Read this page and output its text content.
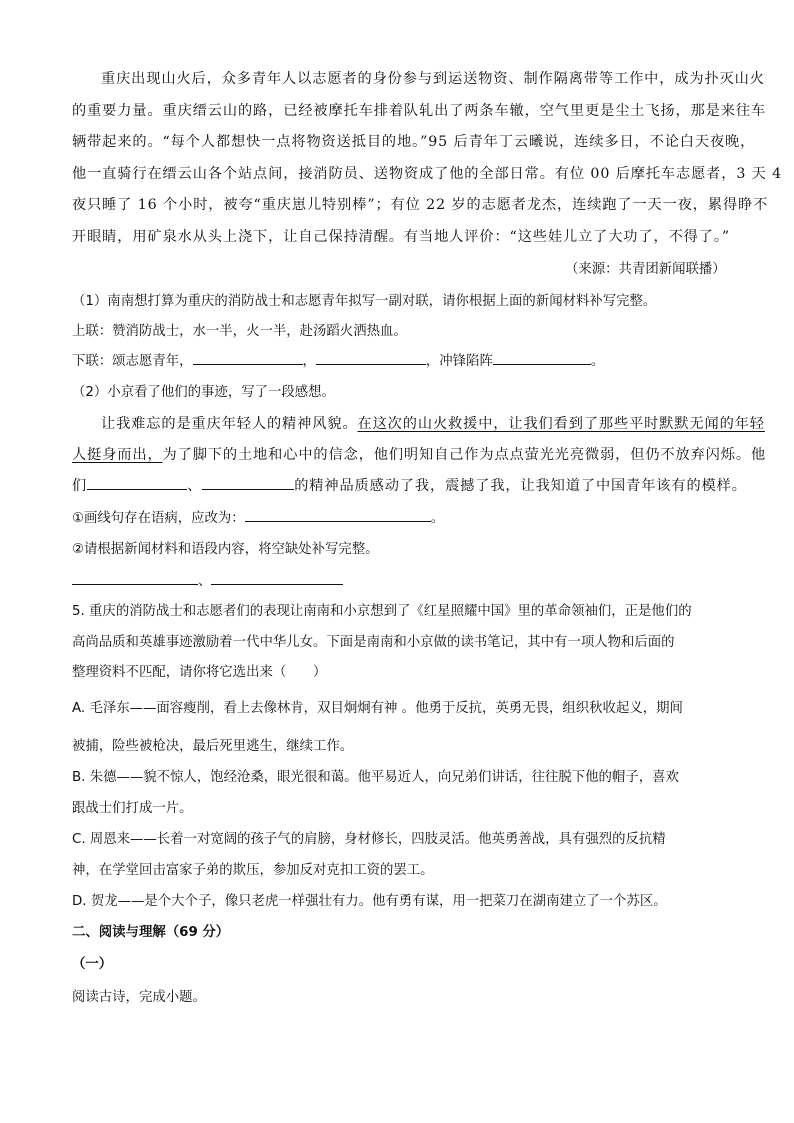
重庆出现山火后，众多青年人以志愿者的身份参与到运送物资、制作隔离带等工作中，成为扑灭山火
的重要力量。重庆缙云山的路，已经被摩托车排着队轧出了两条车辙，空气里更是尘土飞扬，那是来往车
辆带起来的。“每个人都想快一点将物资送抵目的地。”95 后青年丁云曦说，连续多日，不论白天夜晚，
他一直骑行在缙云山各个站点间，接消防员、送物资成了他的全部日常。有位 00 后摩托车志愿者，3 天 4
夜只睡了 16 个小时，被夸“重庆崽儿特别棒”；有位 22 岁的志愿者龙杰，连续跑了一天一夜，累得睁不
开眼睛，用矿泉水从头上浇下，让自己保持清醒。有当地人评价：“这些娃儿立了大功了，不得了。”
（来源：共青团新闻联播）
（1）南南想打算为重庆的消防战士和志愿青年拟写一副对联，请你根据上面的新闻材料补写完整。
上联：赞消防战士，水一半，火一半，赴汤蹈火洒热血。
下联：颂志愿青年，	，	，冲锋陷阵	。
（2）小京看了他们的事迹，写了一段感想。
让我难忘的是重庆年轻人的精神风貌。在这次的山火救援中，让我们看到了那些平时默默无闻的年轻
人挺身而出，为了脚下的土地和心中的信念，他们明知自己作为点点萤光光亮微弱，但仍不放弃闪烁。他
们	、	的精神品质感动了我，震撼了我，让我知道了中国青年该有的模样。
①画线句存在语病，应改为：	。
②请根据新闻材料和语段内容，将空缺处补写完整。
、
5. 重庆的消防战士和志愿者们的表现让南南和小京想到了《红星照耀中国》里的革命领袖们，正是他们的
高尚品质和英雄事迹激励着一代中华儿女。下面是南南和小京做的读书笔记，其中有一项人物和后面的
整理资料不匹配，请你将它选出来（　　）
A. 毛泽东——面容瘦削，看上去像林肯，双目炯炯有神 。他勇于反抗，英勇无畏，组织秋收起义，期间
被捕，险些被枪决，最后死里逃生，继续工作。
B. 朱德——貌不惊人，饱经沧桑，眼光很和蔼。他平易近人，向兄弟们讲话，往往脱下他的帽子，喜欢
跟战士们打成一片。
C. 周恩来——长着一对宽阔的孩子气的肩膀，身材修长，四肢灵活。他英勇善战，具有强烈的反抗精
神，在学堂回击富家子弟的欺压，参加反对克扣工资的罢工。
D. 贺龙——是个大个子，像只老虎一样强壮有力。他有勇有谋，用一把菜刀在湖南建立了一个苏区。
二、阅读与理解（69 分）
（一）
阅读古诗，完成小题。
